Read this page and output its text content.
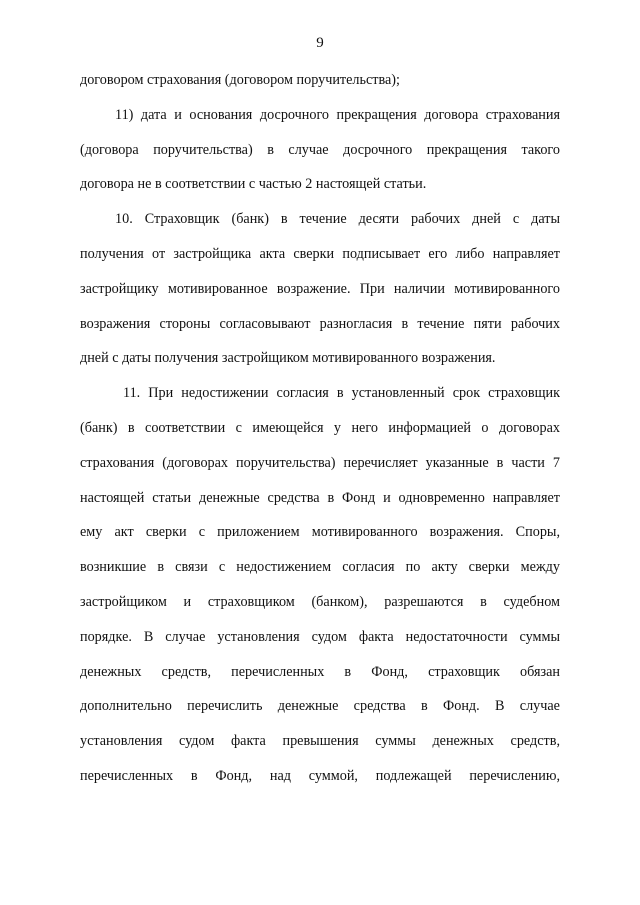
9
договором страхования (договором поручительства);
11) дата и основания досрочного прекращения договора страхования
(договора поручительства) в случае досрочного прекращения такого
договора не в соответствии с частью 2 настоящей статьи.
10. Страховщик (банк) в течение десяти рабочих дней с даты
получения от застройщика акта сверки подписывает его либо направляет
застройщику мотивированное возражение. При наличии мотивированного
возражения стороны согласовывают разногласия в течение пяти рабочих
дней с даты получения застройщиком мотивированного возражения.
11. При недостижении согласия в установленный срок страховщик
(банк) в соответствии с имеющейся у него информацией о договорах
страхования (договорах поручительства) перечисляет указанные в части 7
настоящей статьи денежные средства в Фонд и одновременно направляет
ему акт сверки с приложением мотивированного возражения. Споры,
возникшие в связи с недостижением согласия по акту сверки между
застройщиком и страховщиком (банком), разрешаются в судебном
порядке. В случае установления судом факта недостаточности суммы
денежных средств, перечисленных в Фонд, страховщик обязан
дополнительно перечислить денежные средства в Фонд. В случае
установления судом факта превышения суммы денежных средств,
перечисленных в Фонд, над суммой, подлежащей перечислению,
